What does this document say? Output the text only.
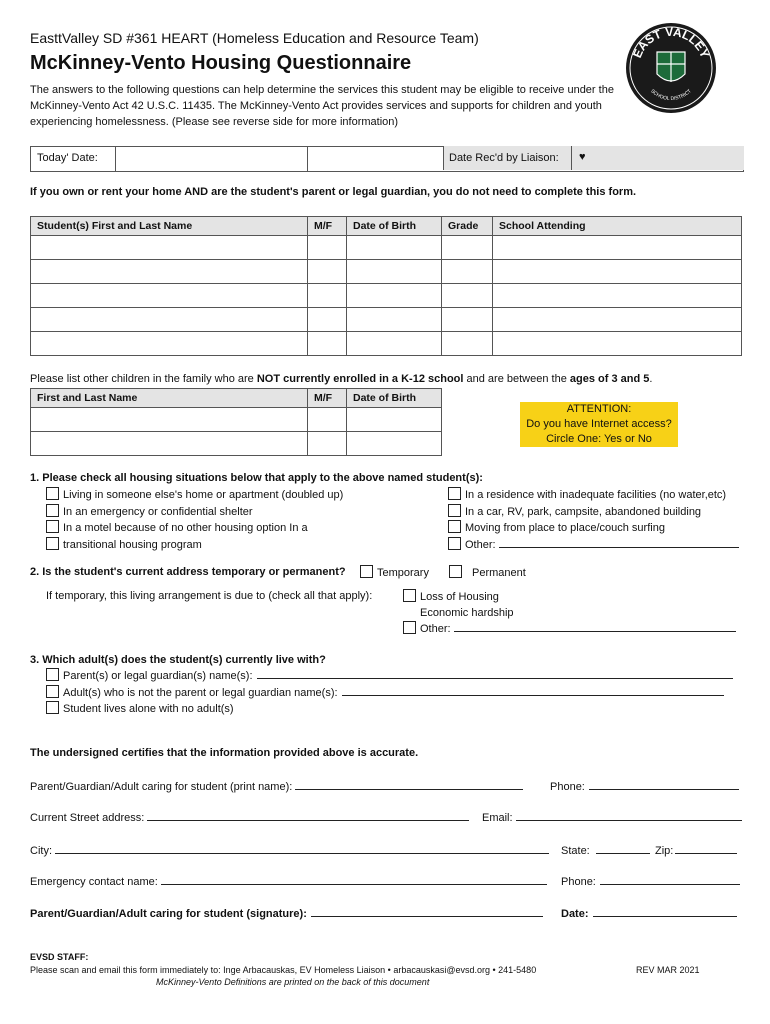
EasttValley SD #361 HEART (Homeless Education and Resource Team)
McKinney-Vento Housing Questionnaire
The answers to the following questions can help determine the services this student may be eligible to receive under the McKinney-Vento Act 42 U.S.C. 11435. The McKinney-Vento Act provides services and supports for children and youth experiencing homelessness. (Please see reverse side for more information)
EAST VALLEY
SCHOOL DISTRICT
Today' Date:	Date Rec'd by Liaison: ♥
If you own or rent your home AND are the student's parent or legal guardian, you do not need to complete this form.
Student(s) First and Last Name	M/F	Date of Birth	Grade	School Attending

Please list other children in the family who are NOT currently enrolled in a K-12 school and are between the ages of 3 and 5.
First and Last Name	M/F	Date of Birth

ATTENTION:
Do you have Internet access?
Circle One: Yes or No
1. Please check all housing situations below that apply to the above named student(s):
Living in someone else's home or apartment (doubled up)
In an emergency or confidential shelter
In a motel because of no other housing option In a
transitional housing program
In a residence with inadequate facilities (no water,etc)
In a car, RV, park, campsite, abandoned building
Moving from place to place/couch surfing
Other:
2. Is the student's current address temporary or permanent?	Temporary	Permanent
If temporary, this living arrangement is due to (check all that apply):	Loss of Housing
Economic hardship
Other:
3. Which adult(s) does the student(s) currently live with?
Parent(s) or legal guardian(s) name(s):
Adult(s) who is not the parent or legal guardian name(s):
Student lives alone with no adult(s)
The undersigned certifies that the information provided above is accurate.
Parent/Guardian/Adult caring for student (print name):	Phone:
Current Street address:	Email:
City:	State:	Zip:
Emergency contact name:	Phone:
Parent/Guardian/Adult caring for student (signature):	Date:
EVSD STAFF:
Please scan and email this form immediately to: Inge Arbacauskas, EV Homeless Liaison • arbacauskasi@evsd.org • 241-5480	REV MAR 2021
McKinney-Vento Definitions are printed on the back of this document
